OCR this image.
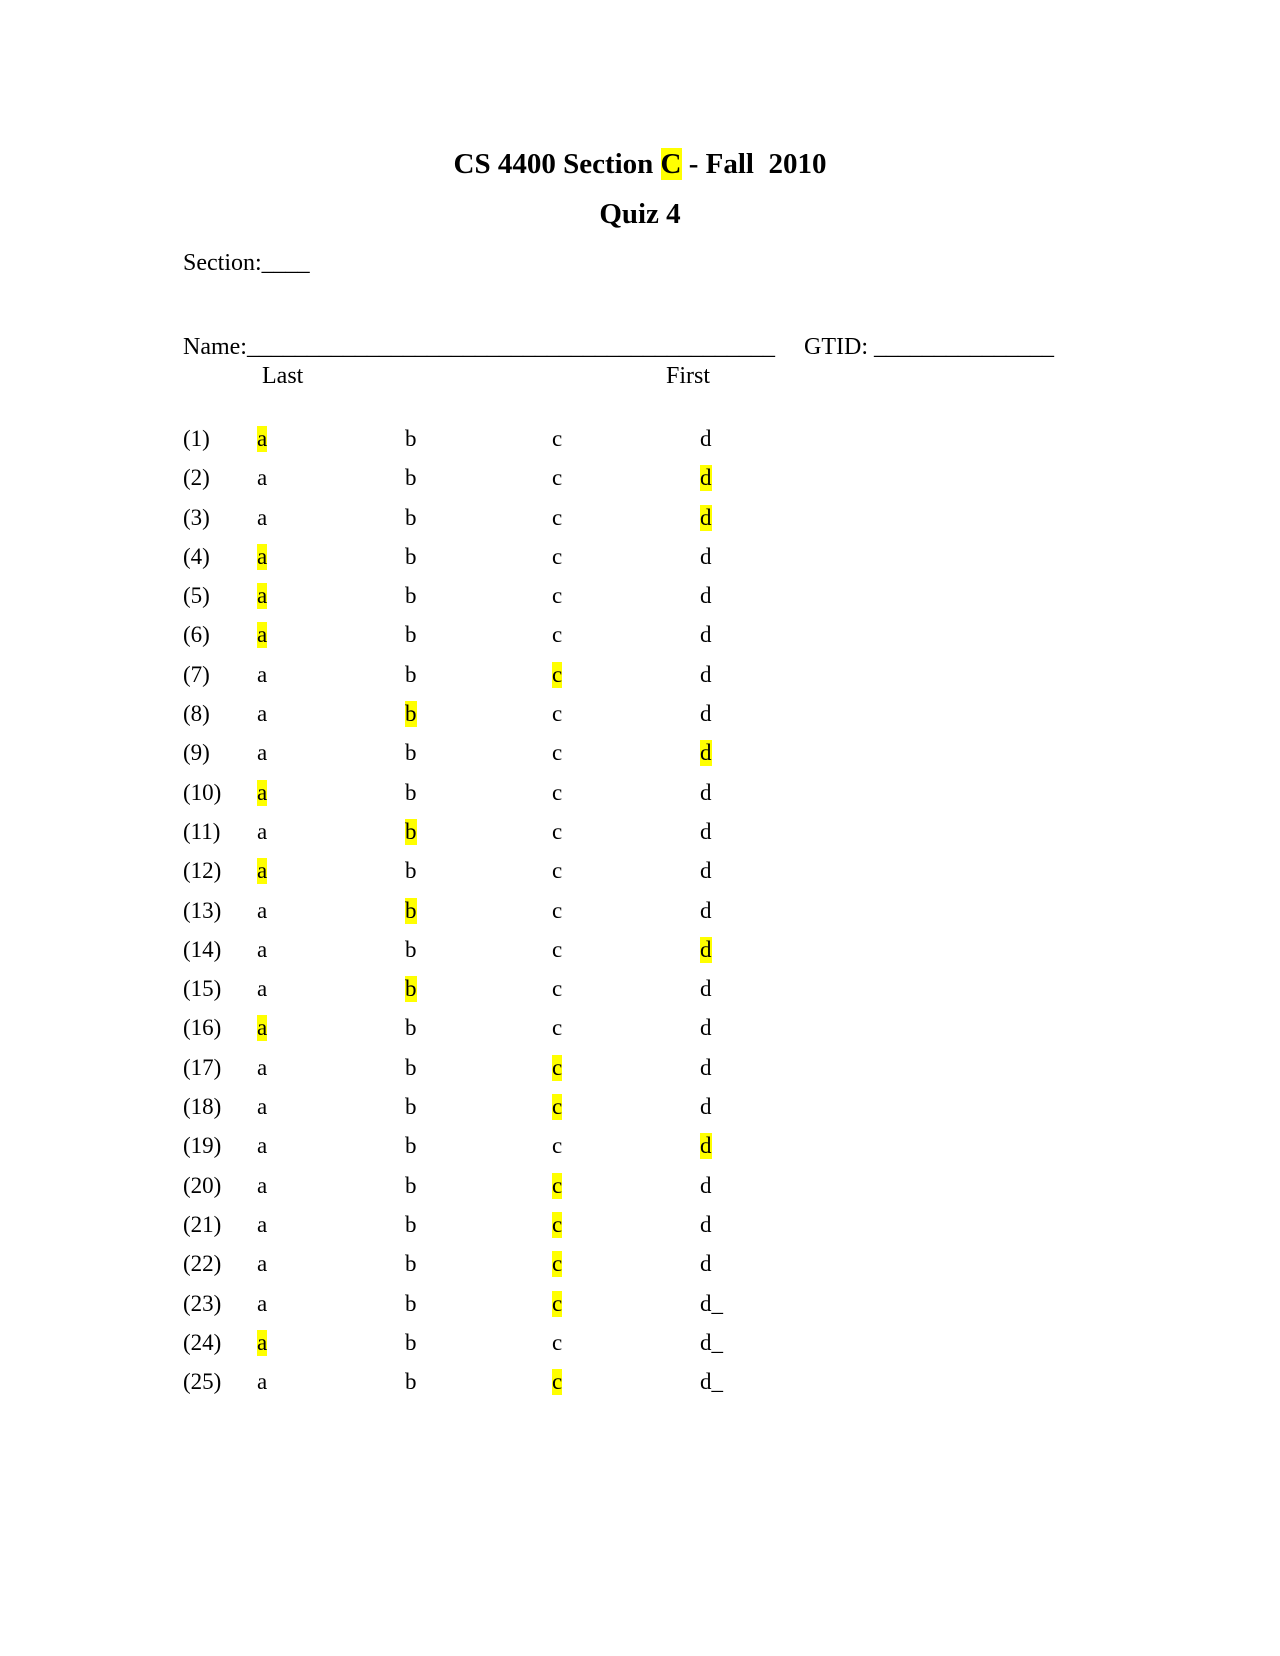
CS 4400 Section C - Fall  2010
Quiz 4
Section:____
Name:____________________________________________ GTID: _______________
Last	First
(1) a	b	c	d
(2) a	b	c	d
(3) a	b	c	d
(4) a	b	c	d
(5) a	b	c	d
(6) a	b	c	d
(7) a	b	c	d
(8) a	b	c	d
(9) a	b	c	d
(10) a	b	c	d
(11) a	b	c	d
(12) a	b	c	d
(13) a	b	c	d
(14) a	b	c	d
(15) a	b	c	d
(16) a	b	c	d
(17) a	b	c	d
(18) a	b	c	d
(19) a	b	c	d
(20) a	b	c	d
(21) a	b	c	d
(22) a	b	c	d
(23) a	b	c	d_
(24) a	b	c	d_
(25) a	b	c	d_
